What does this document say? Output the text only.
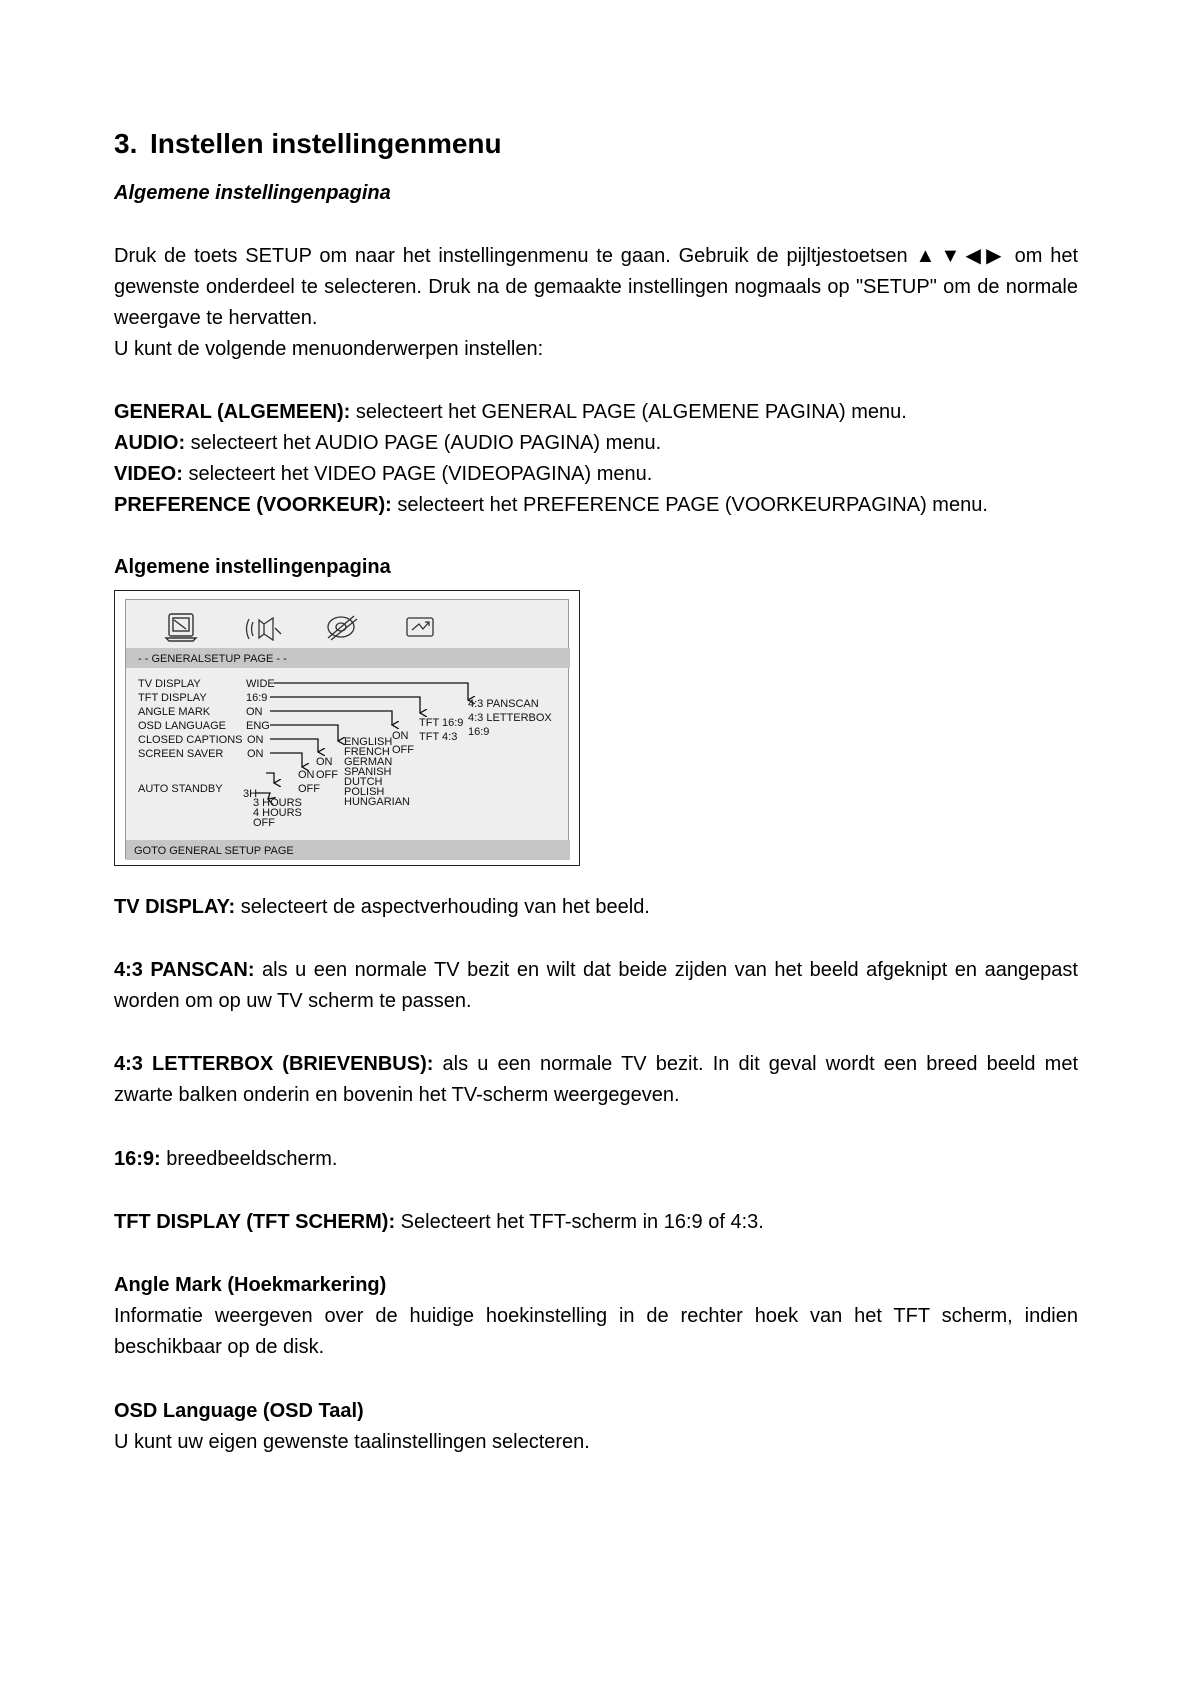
3. Instellen instellingenmenu
Algemene instellingenpagina
Druk de toets SETUP om naar het instellingenmenu te gaan. Gebruik de pijltjestoetsen ▲▼◀▶ om het gewenste onderdeel te selecteren. Druk na de gemaakte instellingen nogmaals op "SETUP" om de normale weergave te hervatten.
U kunt de volgende menuonderwerpen instellen:
GENERAL (ALGEMEEN): selecteert het GENERAL PAGE (ALGEMENE PAGINA) menu.
AUDIO: selecteert het AUDIO PAGE (AUDIO PAGINA) menu.
VIDEO: selecteert het VIDEO PAGE (VIDEOPAGINA) menu.
PREFERENCE (VOORKEUR): selecteert het PREFERENCE PAGE (VOORKEURPAGINA) menu.
Algemene instellingenpagina
- - GENERALSETUP PAGE - -
GOTO GENERAL SETUP PAGE
TV DISPLAY
TFT DISPLAY
ANGLE MARK
OSD LANGUAGE
CLOSED CAPTIONS
SCREEN SAVER
AUTO STANDBY
WIDE
16:9
ON
ENG
ON
ON
3H
4:3 PANSCAN
4:3 LETTERBOX
16:9
TFT 16:9
TFT 4:3
ON
OFF
ENGLISH
FRENCH
GERMAN
SPANISH
DUTCH
POLISH
HUNGARIAN
ON
OFF
ON
OFF
3 HOURS
4 HOURS
OFF
TV DISPLAY: selecteert de aspectverhouding van het beeld.
4:3 PANSCAN: als u een normale TV bezit en wilt dat beide zijden van het beeld afgeknipt en aangepast worden om op uw TV scherm te passen.
4:3 LETTERBOX (BRIEVENBUS): als u een normale TV bezit. In dit geval wordt een breed beeld met zwarte balken onderin en bovenin het TV-scherm weergegeven.
16:9: breedbeeldscherm.
TFT DISPLAY (TFT SCHERM): Selecteert het TFT-scherm in 16:9 of 4:3.
Angle Mark (Hoekmarkering)
Informatie weergeven over de huidige hoekinstelling in de rechter hoek van het TFT scherm, indien beschikbaar op de disk.
OSD Language (OSD Taal)
U kunt uw eigen gewenste taalinstellingen selecteren.
